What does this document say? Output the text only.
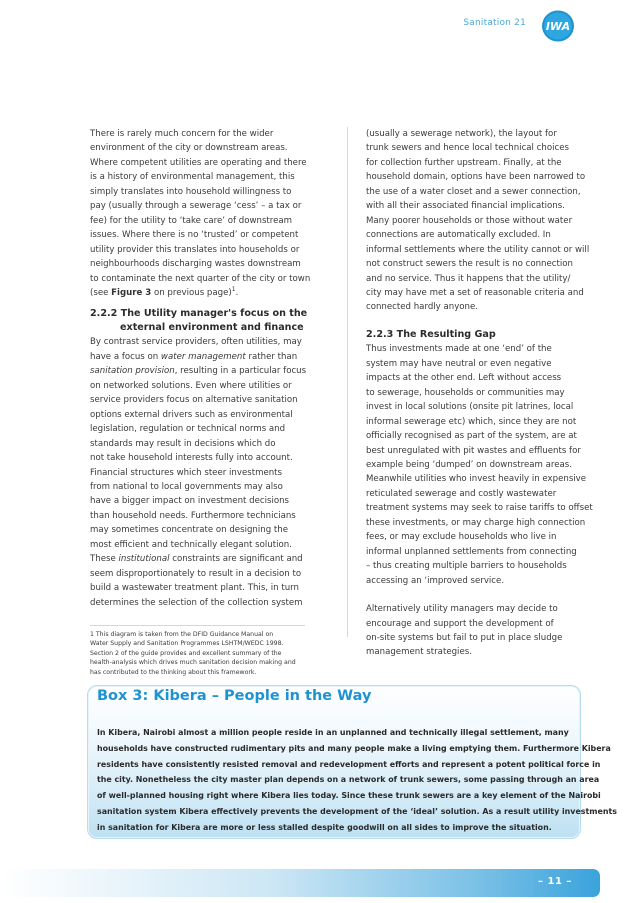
Sanitation 21 IWA

There is rarely much concern for the wider
environment of the city or downstream areas.
Where competent utilities are operating and there
is a history of environmental management, this
simply translates into household willingness to
pay (usually through a sewerage ‘cess’ – a tax or
fee) for the utility to ‘take care’ of downstream
issues. Where there is no ‘trusted’ or competent
utility provider this translates into households or
neighbourhoods discharging wastes downstream
to contaminate the next quarter of the city or town
(see Figure 3 on previous page)$^1$.

2.2.2 The Utility manager's focus on the
external environment and finance

By contrast service providers, often utilities, may
have a focus on water management rather than
sanitation provision, resulting in a particular focus
on networked solutions. Even where utilities or
service providers focus on alternative sanitation
options external drivers such as environmental
legislation, regulation or technical norms and
standards may result in decisions which do
not take household interests fully into account.
Financial structures which steer investments
from national to local governments may also
have a bigger impact on investment decisions
than household needs. Furthermore technicians
may sometimes concentrate on designing the
most efficient and technically elegant solution.
These institutional constraints are significant and
seem disproportionately to result in a decision to
build a wastewater treatment plant. This, in turn
determines the selection of the collection system

1 This diagram is taken from the DFID Guidance Manual on
Water Supply and Sanitation Programmes LSHTM/WEDC 1998.
Section 2 of the guide provides and excellent summary of the
health-analysis which drives much sanitation decision making and
has contributed to the thinking about this framework.

(usually a sewerage network), the layout for
trunk sewers and hence local technical choices
for collection further upstream. Finally, at the
household domain, options have been narrowed to
the use of a water closet and a sewer connection,
with all their associated financial implications.
Many poorer households or those without water
connections are automatically excluded. In
informal settlements where the utility cannot or will
not construct sewers the result is no connection
and no service. Thus it happens that the utility/
city may have met a set of reasonable criteria and
connected hardly anyone.

2.2.3 The Resulting Gap

Thus investments made at one ‘end’ of the
system may have neutral or even negative
impacts at the other end. Left without access
to sewerage, households or communities may
invest in local solutions (onsite pit latrines, local
informal sewerage etc) which, since they are not
officially recognised as part of the system, are at
best unregulated with pit wastes and effluents for
example being ‘dumped’ on downstream areas.
Meanwhile utilities who invest heavily in expensive
reticulated sewerage and costly wastewater
treatment systems may seek to raise tariffs to offset
these investments, or may charge high connection
fees, or may exclude households who live in
informal unplanned settlements from connecting
– thus creating multiple barriers to households
accessing an ‘improved service.

Alternatively utility managers may decide to
encourage and support the development of
on-site systems but fail to put in place sludge
management strategies.

Box 3: Kibera – People in the Way
In Kibera, Nairobi almost a million people reside in an unplanned and technically illegal settlement, many
households have constructed rudimentary pits and many people make a living emptying them. Furthermore Kibera
residents have consistently resisted removal and redevelopment efforts and represent a potent political force in
the city. Nonetheless the city master plan depends on a network of trunk sewers, some passing through an area
of well-planned housing right where Kibera lies today. Since these trunk sewers are a key element of the Nairobi
sanitation system Kibera effectively prevents the development of the ‘ideal’ solution. As a result utility investments
in sanitation for Kibera are more or less stalled despite goodwill on all sides to improve the situation.
– 11 –
